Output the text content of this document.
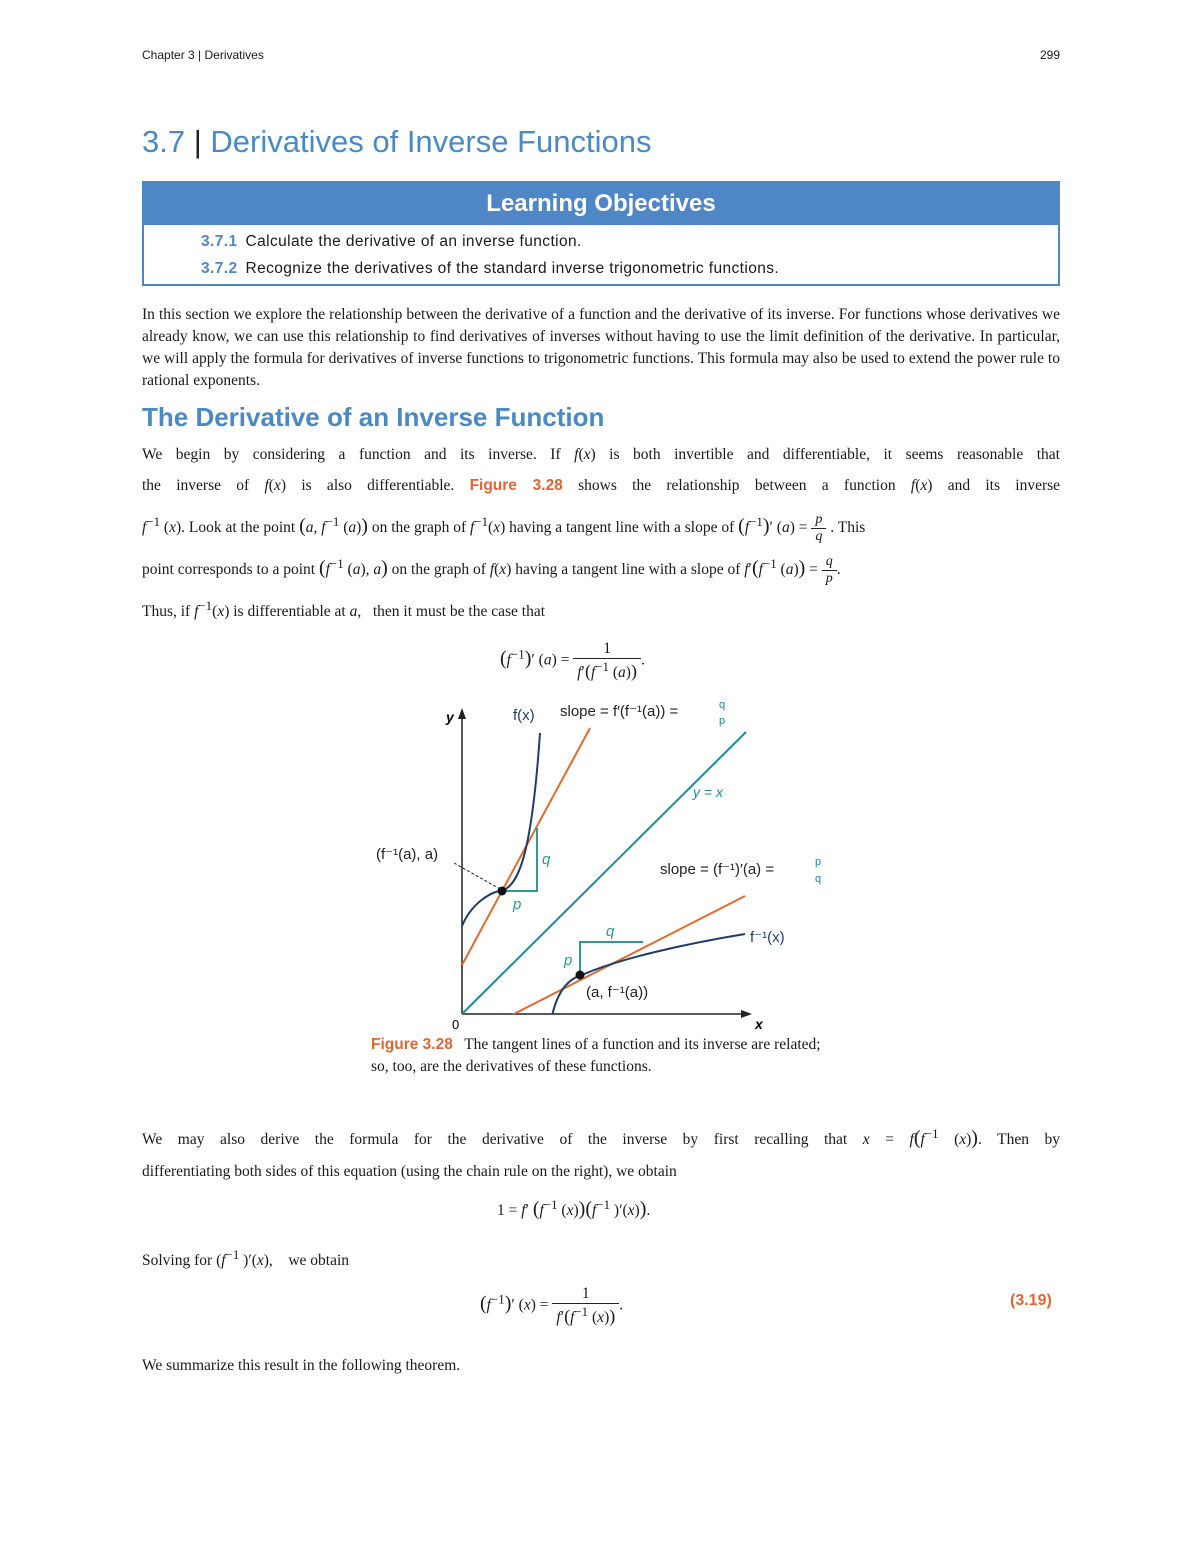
Chapter 3 | Derivatives	299
3.7 | Derivatives of Inverse Functions
Learning Objectives
3.7.1 Calculate the derivative of an inverse function.
3.7.2 Recognize the derivatives of the standard inverse trigonometric functions.
In this section we explore the relationship between the derivative of a function and the derivative of its inverse. For functions whose derivatives we already know, we can use this relationship to find derivatives of inverses without having to use the limit definition of the derivative. In particular, we will apply the formula for derivatives of inverse functions to trigonometric functions. This formula may also be used to extend the power rule to rational exponents.
The Derivative of an Inverse Function
We begin by considering a function and its inverse. If f(x) is both invertible and differentiable, it seems reasonable that
the inverse of f(x) is also differentiable. Figure 3.28 shows the relationship between a function f(x) and its inverse
$f^{-1}$ (x). Look at the point (a, $f^{-1}$ (a)) on the graph of $f^{-1}(x)$ having a tangent line with a slope of $(f^{-1})'$ $(a) = \frac{p}{q}$ . This
point corresponds to a point ($f^{-1}$ (a), a) on the graph of f(x) having a tangent line with a slope of $f'(f^{-1}$ $(a)) = \frac{q}{p}$ .
Thus, if $f^{-1}(x)$ is differentiable at a,   then it must be the case that
$(f^{-1})'$ $(a) = \frac{1}{f'(f^{-1} (a))}$ .
y
x
0
f(x) slope = f′(f⁻¹(a)) =	q
p
y = x
(f⁻¹(a), a)	q
p
slope = (f⁻¹)′(a) =	p
q
q
p
f⁻¹(x)
(a, f⁻¹(a))
Figure 3.28 The tangent lines of a function and its inverse are related; so, too, are the derivatives of these functions.
We may also derive the formula for the derivative of the inverse by first recalling that $x = f(f^{-1}$ (x)). Then by
differentiating both sides of this equation (using the chain rule on the right), we obtain
1 = f′ ($f^{-1}$ $(x))(f^{-1}$ )′(x)).
Solving for ($f^{-1}$ )′(x),    we obtain
$(f^{-1})'$ $(x) = \frac{1}{f'(f^{-1} (x))}$ .	(3.19)
We summarize this result in the following theorem.
